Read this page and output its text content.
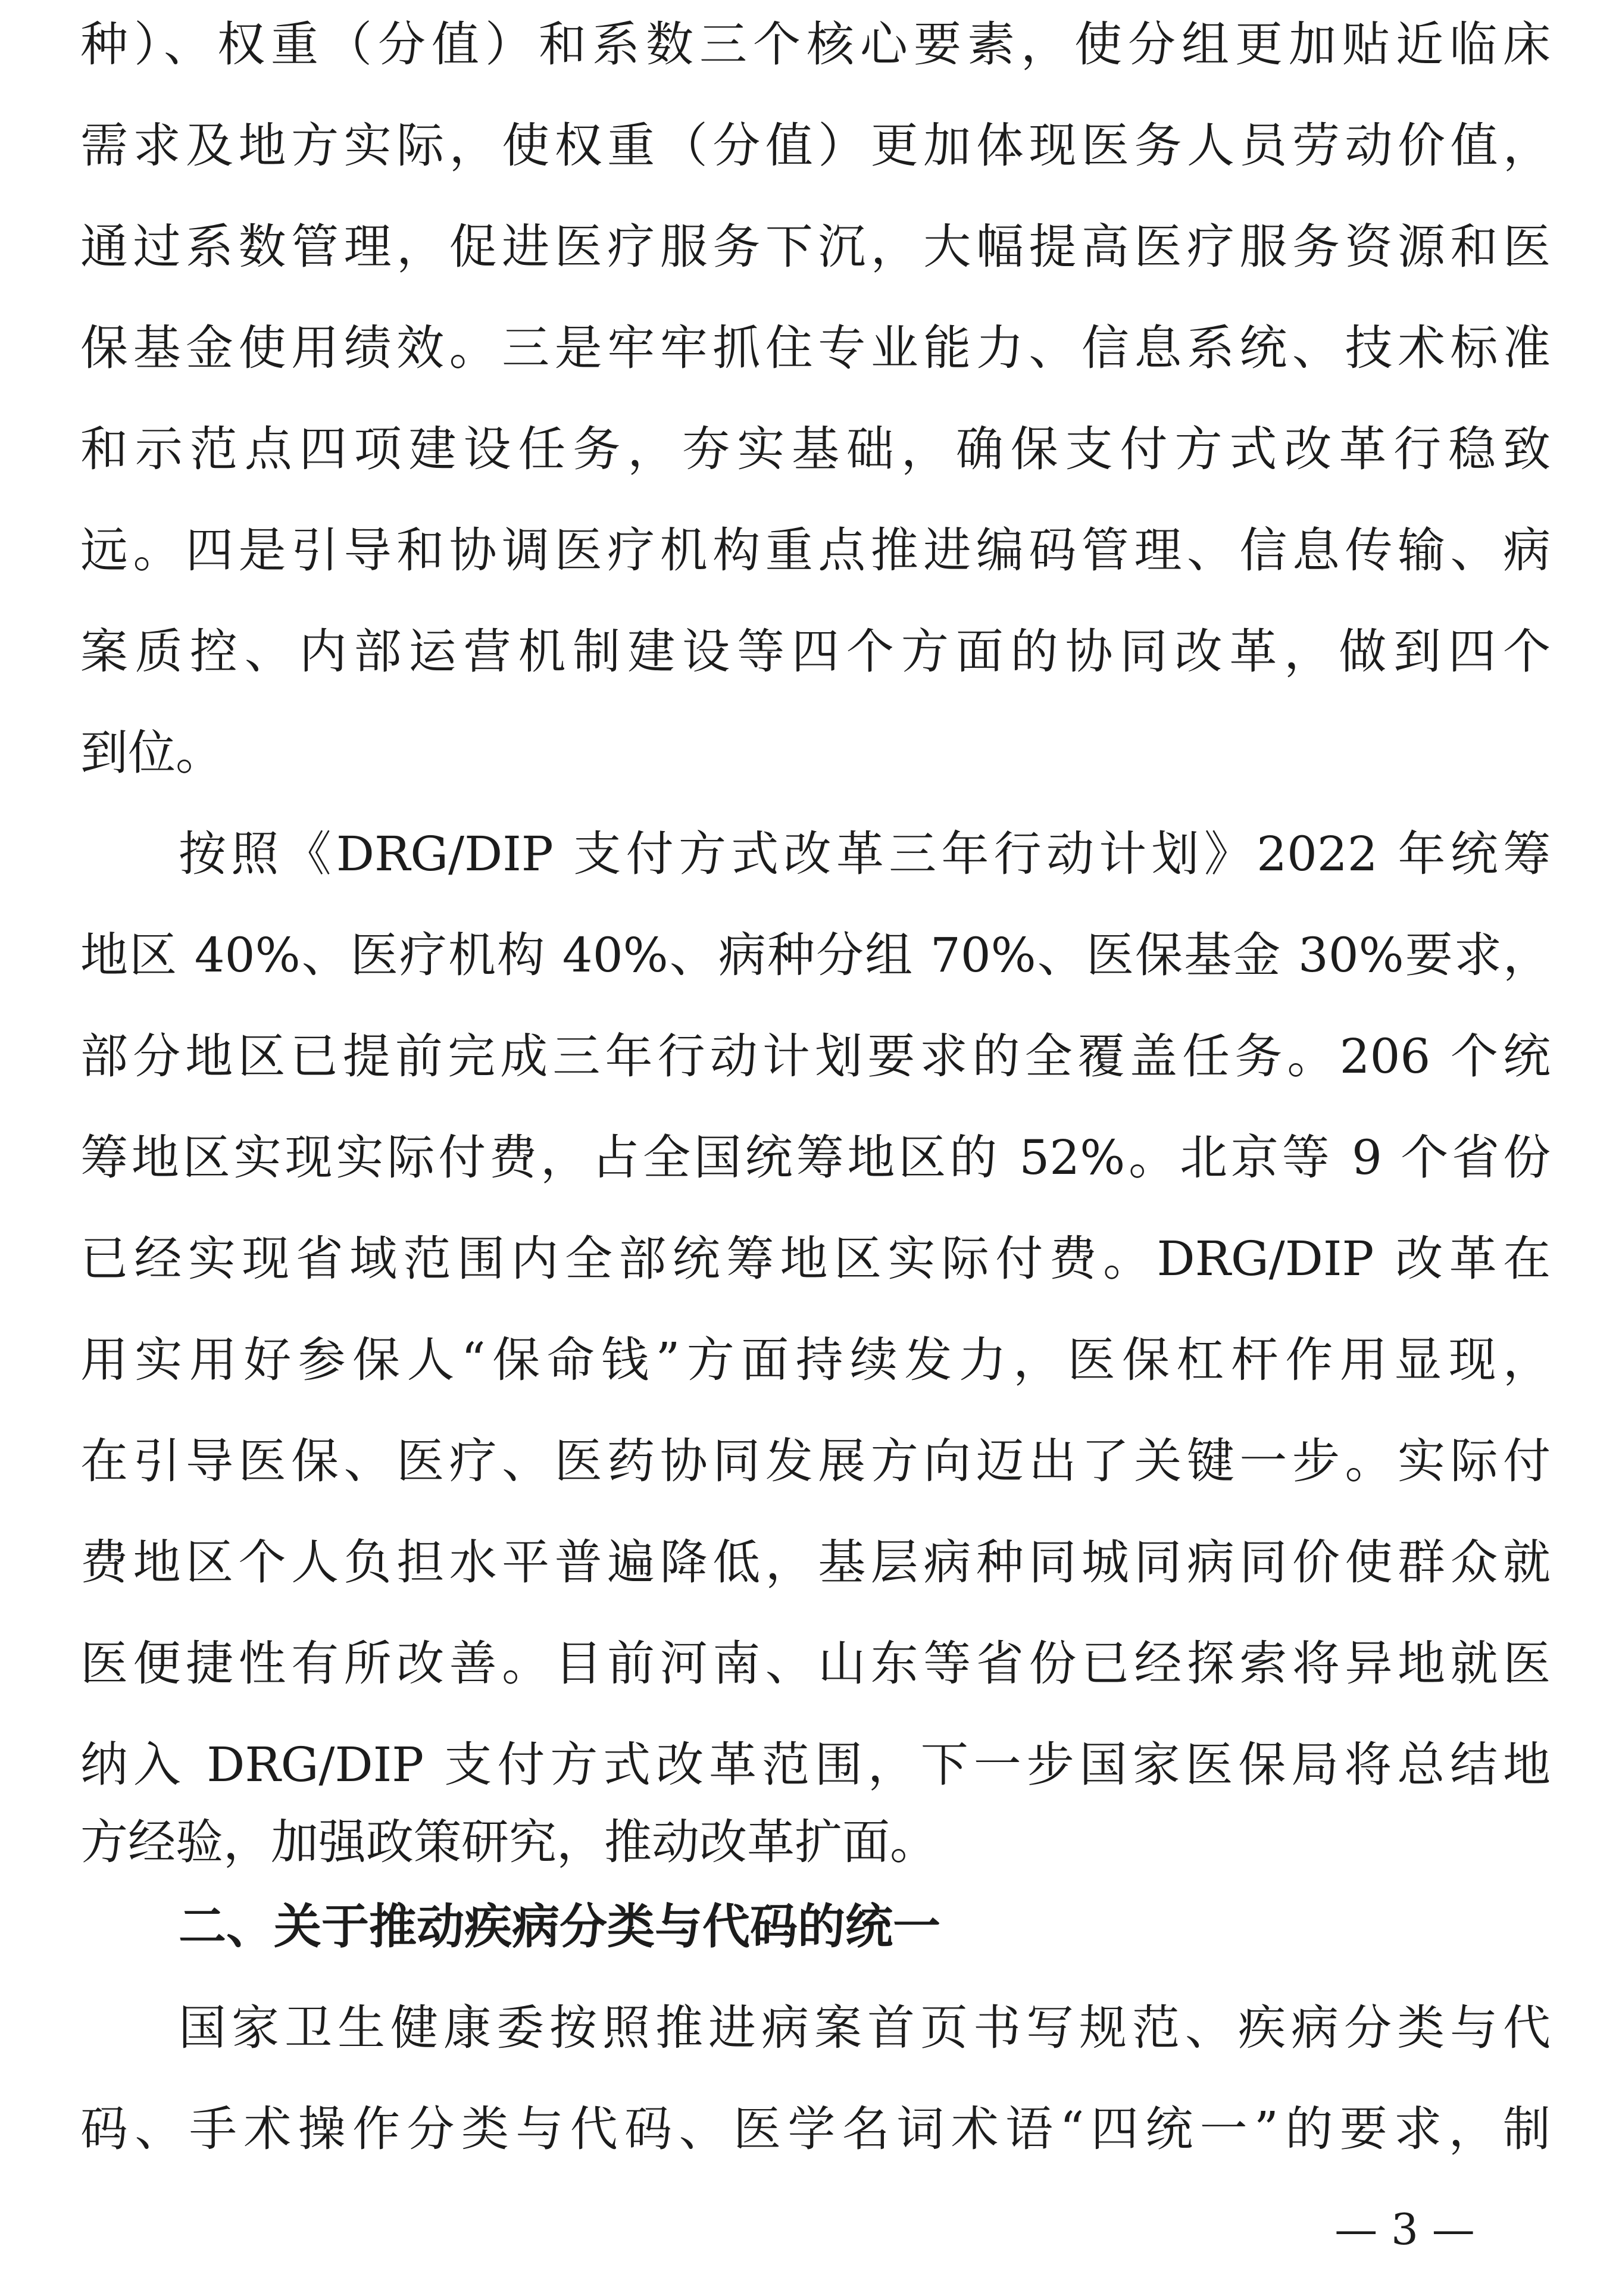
种）、权重（分值）和系数三个核心要素，使分组更加贴近临床
需求及地方实际，使权重（分值）更加体现医务人员劳动价值，
通过系数管理，促进医疗服务下沉，大幅提高医疗服务资源和医
保基金使用绩效。三是牢牢抓住专业能力、信息系统、技术标准
和示范点四项建设任务，夯实基础，确保支付方式改革行稳致
远。四是引导和协调医疗机构重点推进编码管理、信息传输、病
案质控、内部运营机制建设等四个方面的协同改革，做到四个
到位。
按照《DRG/DIP 支付方式改革三年行动计划》2022 年统筹
地区 40%、医疗机构 40%、病种分组 70%、医保基金 30%要求，
部分地区已提前完成三年行动计划要求的全覆盖任务。206 个统
筹地区实现实际付费，占全国统筹地区的 52%。北京等 9 个省份
已经实现省域范围内全部统筹地区实际付费。DRG/DIP 改革在
用实用好参保人“保命钱”方面持续发力，医保杠杆作用显现，
在引导医保、医疗、医药协同发展方向迈出了关键一步。实际付
费地区个人负担水平普遍降低，基层病种同城同病同价使群众就
医便捷性有所改善。目前河南、山东等省份已经探索将异地就医
纳入 DRG/DIP 支付方式改革范围，下一步国家医保局将总结地
方经验，加强政策研究，推动改革扩面。
二、关于推动疾病分类与代码的统一
国家卫生健康委按照推进病案首页书写规范、疾病分类与代
码、手术操作分类与代码、医学名词术语“四统一”的要求，制
— 3 —
